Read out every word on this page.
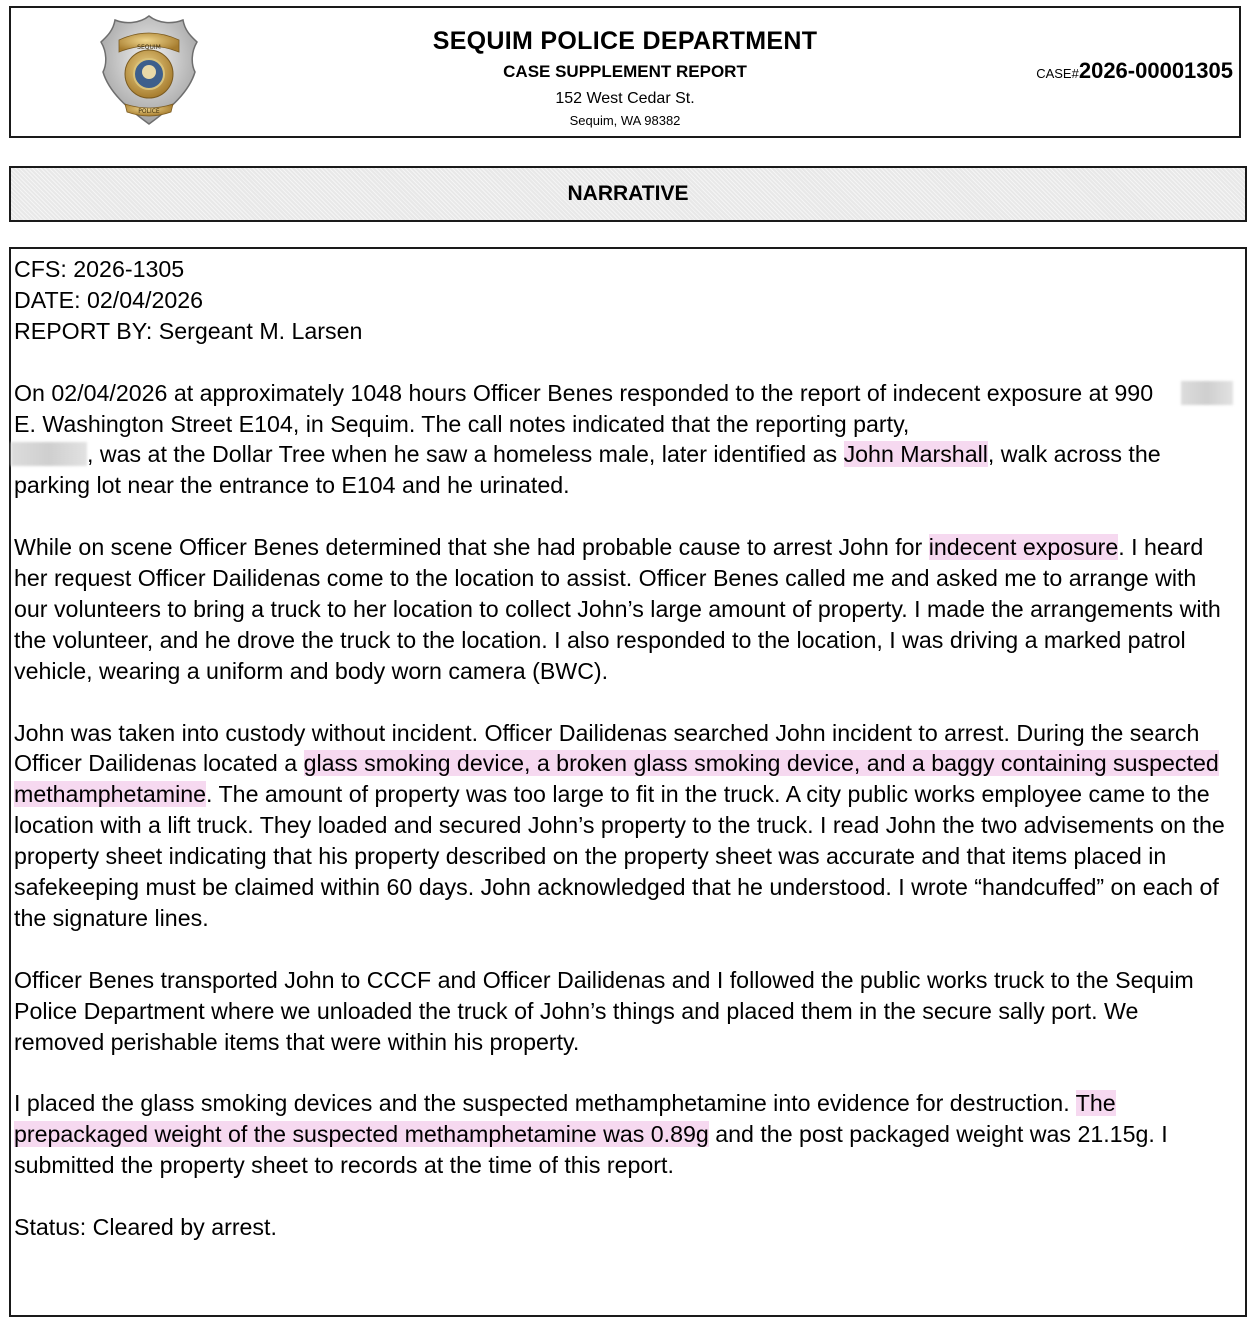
SEQUIM
POLICE
SEQUIM POLICE DEPARTMENT
CASE SUPPLEMENT REPORT
152 West Cedar St.
Sequim, WA 98382
CASE#2026-00001305
NARRATIVE

CFS: 2026-1305
DATE: 02/04/2026
REPORT BY: Sergeant M. Larsen

On 02/04/2026 at approximately 1048 hours Officer Benes responded to the report of indecent exposure at 990 E. Washington Street E104, in Sequim. The call notes indicated that the reporting party,
, was at the Dollar Tree when he saw a homeless male, later identified as John Marshall, walk across the parking lot near the entrance to E104 and he urinated.

While on scene Officer Benes determined that she had probable cause to arrest John for indecent exposure. I heard her request Officer Dailidenas come to the location to assist. Officer Benes called me and asked me to arrange with our volunteers to bring a truck to her location to collect John’s large amount of property. I made the arrangements with the volunteer, and he drove the truck to the location. I also responded to the location, I was driving a marked patrol vehicle, wearing a uniform and body worn camera (BWC).

John was taken into custody without incident. Officer Dailidenas searched John incident to arrest. During the search Officer Dailidenas located a glass smoking device, a broken glass smoking device, and a baggy containing suspected methamphetamine. The amount of property was too large to fit in the truck. A city public works employee came to the location with a lift truck. They loaded and secured John’s property to the truck. I read John the two advisements on the property sheet indicating that his property described on the property sheet was accurate and that items placed in safekeeping must be claimed within 60 days. John acknowledged that he understood. I wrote “handcuffed” on each of the signature lines.

Officer Benes transported John to CCCF and Officer Dailidenas and I followed the public works truck to the Sequim Police Department where we unloaded the truck of John’s things and placed them in the secure sally port. We removed perishable items that were within his property.

I placed the glass smoking devices and the suspected methamphetamine into evidence for destruction. The prepackaged weight of the suspected methamphetamine was 0.89g and the post packaged weight was 21.15g. I submitted the property sheet to records at the time of this report.

Status: Cleared by arrest.
